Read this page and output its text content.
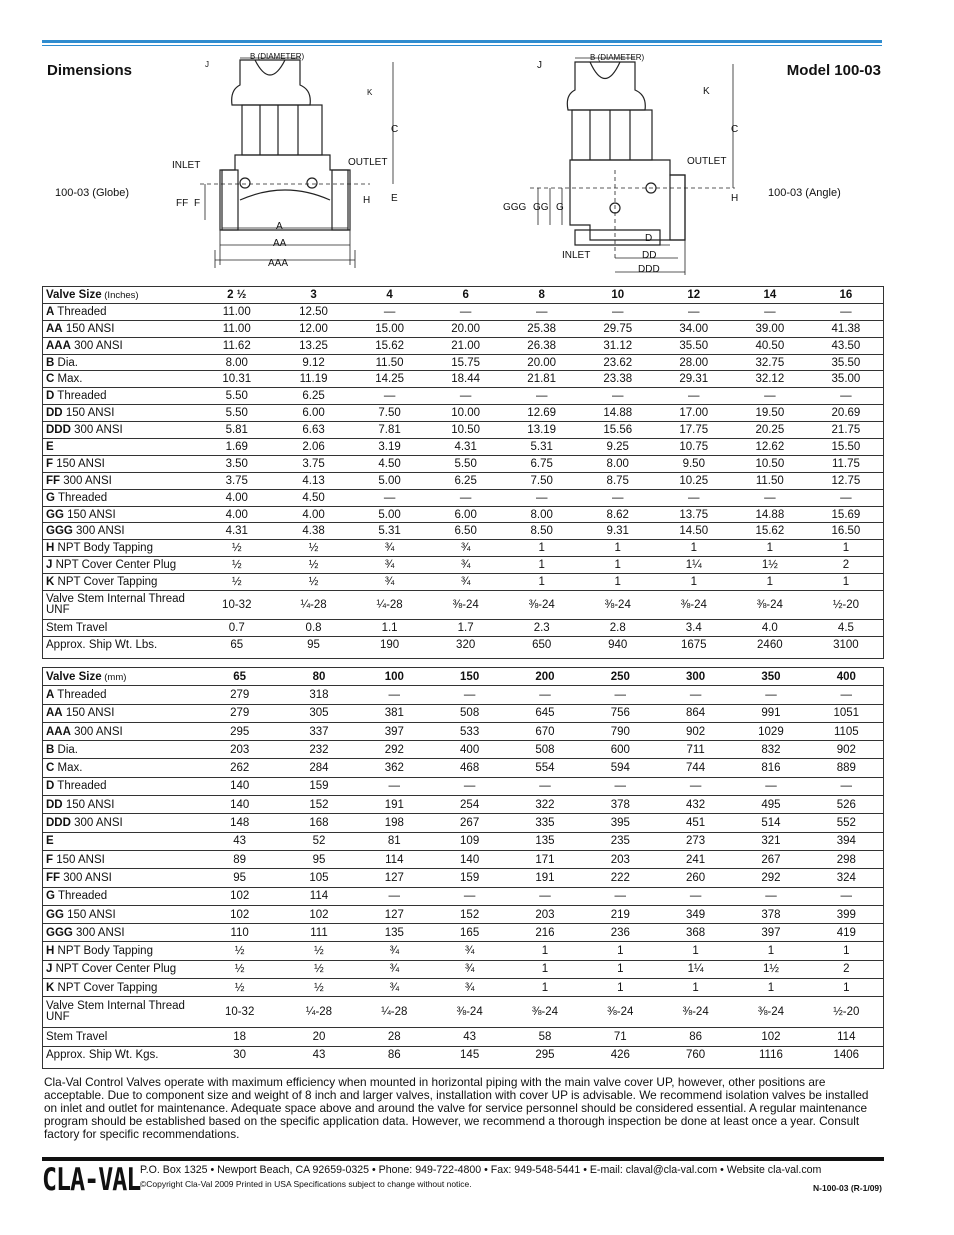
Dimensions	Model 100-03
B (DIAMETER)
J
K
C
INLET	OUTLET
100-03 (Globe)
FF F	H E
A
AA
AAA
B (DIAMETER)
J
K
C
OUTLET
100-03 (Angle)
H
GGG GG G
D
INLET	DD
DDD
Valve Size (Inches)	2 ½	3	4	6	8	10	12	14	16
A Threaded	11.00	12.50	—	—	—	—	—	—	—
AA 150 ANSI	11.00	12.00	15.00	20.00	25.38	29.75	34.00	39.00	41.38
AAA 300 ANSI	11.62	13.25	15.62	21.00	26.38	31.12	35.50	40.50	43.50
B Dia.	8.00	9.12	11.50	15.75	20.00	23.62	28.00	32.75	35.50
C Max.	10.31	11.19	14.25	18.44	21.81	23.38	29.31	32.12	35.00
D Threaded	5.50	6.25	—	—	—	—	—	—	—
DD 150 ANSI	5.50	6.00	7.50	10.00	12.69	14.88	17.00	19.50	20.69
DDD 300 ANSI	5.81	6.63	7.81	10.50	13.19	15.56	17.75	20.25	21.75
E	1.69	2.06	3.19	4.31	5.31	9.25	10.75	12.62	15.50
F 150 ANSI	3.50	3.75	4.50	5.50	6.75	8.00	9.50	10.50	11.75
FF 300 ANSI	3.75	4.13	5.00	6.25	7.50	8.75	10.25	11.50	12.75
G Threaded	4.00	4.50	—	—	—	—	—	—	—
GG 150 ANSI	4.00	4.00	5.00	6.00	8.00	8.62	13.75	14.88	15.69
GGG 300 ANSI	4.31	4.38	5.31	6.50	8.50	9.31	14.50	15.62	16.50
H NPT Body Tapping	½	½	¾	¾	1	1	1	1	1
J NPT Cover Center Plug	½	½	¾	¾	1	1	1¼	1½	2
K NPT Cover Tapping	½	½	¾	¾	1	1	1	1	1
Valve Stem Internal Thread UNF	10-32	¼-28	¼-28	⅜-24	⅜-24	⅜-24	⅜-24	⅜-24	½-20
Stem Travel	0.7	0.8	1.1	1.7	2.3	2.8	3.4	4.0	4.5
Approx. Ship Wt. Lbs.	65	95	190	320	650	940	1675	2460	3100
Valve Size (mm)	65	80	100	150	200	250	300	350	400
A Threaded	279	318	—	—	—	—	—	—	—
AA 150 ANSI	279	305	381	508	645	756	864	991	1051
AAA 300 ANSI	295	337	397	533	670	790	902	1029	1105
B Dia.	203	232	292	400	508	600	711	832	902
C Max.	262	284	362	468	554	594	744	816	889
D Threaded	140	159	—	—	—	—	—	—	—
DD 150 ANSI	140	152	191	254	322	378	432	495	526
DDD 300 ANSI	148	168	198	267	335	395	451	514	552
E	43	52	81	109	135	235	273	321	394
F 150 ANSI	89	95	114	140	171	203	241	267	298
FF 300 ANSI	95	105	127	159	191	222	260	292	324
G Threaded	102	114	—	—	—	—	—	—	—
GG 150 ANSI	102	102	127	152	203	219	349	378	399
GGG 300 ANSI	110	111	135	165	216	236	368	397	419
H NPT Body Tapping	½	½	¾	¾	1	1	1	1	1
J NPT Cover Center Plug	½	½	¾	¾	1	1	1¼	1½	2
K NPT Cover Tapping	½	½	¾	¾	1	1	1	1	1
Valve Stem Internal Thread UNF	10-32	¼-28	¼-28	⅜-24	⅜-24	⅜-24	⅜-24	⅜-24	½-20
Stem Travel	18	20	28	43	58	71	86	102	114
Approx. Ship Wt. Kgs.	30	43	86	145	295	426	760	1116	1406
Cla-Val Control Valves operate with maximum efficiency when mounted in horizontal piping with the main valve cover UP, however, other positions are acceptable. Due to component size and weight of 8 inch and larger valves, installation with cover UP is advisable. We recommend isolation valves be installed on inlet and outlet for maintenance. Adequate space above and around the valve for service personnel should be considered essential. A regular maintenance program should be established based on the specific application data. However, we recommend a thorough inspection be done at least once a year. Consult factory for specific recommendations.
CLA-VAL P.O. Box 1325 • Newport Beach, CA 92659-0325 • Phone: 949-722-4800 • Fax: 949-548-5441 • E-mail: claval@cla-val.com • Website cla-val.com
©Copyright Cla-Val 2009 Printed in USA Specifications subject to change without notice.	N-100-03 (R-1/09)
